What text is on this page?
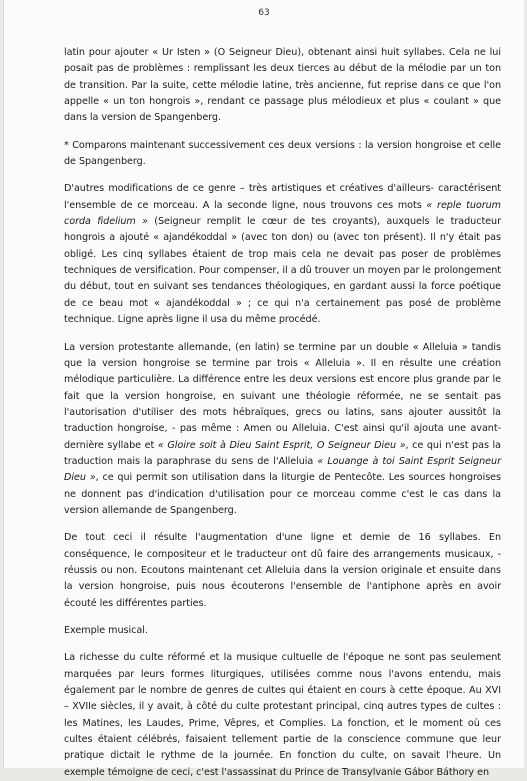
63

latin pour ajouter « Ur Isten » (O Seigneur Dieu), obtenant ainsi huit syllabes. Cela ne lui posait pas de problèmes : remplissant les deux tierces au début de la mélodie par un ton de transition. Par la suite, cette mélodie latine, très ancienne, fut reprise dans ce que l'on appelle « un ton hongrois », rendant ce passage plus mélodieux et plus « coulant » que dans la version de Spangenberg.

* Comparons maintenant successivement ces deux versions : la version hongroise et celle de Spangenberg.

D'autres modifications de ce genre – très artistiques et créatives d'ailleurs- caractérisent l'ensemble de ce morceau. A la seconde ligne, nous trouvons ces mots « reple tuorum corda fidelium » (Seigneur remplit le cœur de tes croyants), auxquels le traducteur hongrois a ajouté « ajandékoddal » (avec ton don) ou (avec ton présent). Il n'y était pas obligé. Les cinq syllabes étaient de trop mais cela ne devait pas poser de problèmes techniques de versification. Pour compenser, il a dû trouver un moyen par le prolongement du début, tout en suivant ses tendances théologiques, en gardant aussi la force poétique de ce beau mot « ajandékoddal » ; ce qui n'a certainement pas posé de problème technique. Ligne après ligne il usa du même procédé.

La version protestante allemande, (en latin) se termine par un double « Alleluia » tandis que la version hongroise se termine par trois « Alleluia ». Il en résulte une création mélodique particulière. La différence entre les deux versions est encore plus grande par le fait que la version hongroise, en suivant une théologie réformée, ne se sentait pas l'autorisation d'utiliser des mots hébraïques, grecs ou latins, sans ajouter aussitôt la traduction hongroise, - pas même : Amen ou Alleluia. C'est ainsi qu'il ajouta une avant-dernière syllabe et « Gloire soit à Dieu Saint Esprit, O Seigneur Dieu », ce qui n'est pas la traduction mais la paraphrase du sens de l'Alleluia « Louange à toi Saint Esprit Seigneur Dieu », ce qui permit son utilisation dans la liturgie de Pentecôte. Les sources hongroises ne donnent pas d'indication d'utilisation pour ce morceau comme c'est le cas dans la version allemande de Spangenberg.

De tout ceci il résulte l'augmentation d'une ligne et demie de 16 syllabes. En conséquence, le compositeur et le traducteur ont dû faire des arrangements musicaux, - réussis ou non. Ecoutons maintenant cet Alleluia dans la version originale et ensuite dans la version hongroise, puis nous écouterons l'ensemble de l'antiphone après en avoir écouté les différentes parties.

Exemple musical.

La richesse du culte réformé et la musique cultuelle de l'époque ne sont pas seulement marquées par leurs formes liturgiques, utilisées comme nous l'avons entendu, mais également par le nombre de genres de cultes qui étaient en cours à cette époque. Au XVI – XVIIe siècles, il y avait, à côté du culte protestant principal, cinq autres types de cultes : les Matines, les Laudes, Prime, Vêpres, et Complies. La fonction, et le moment où ces cultes étaient célébrés, faisaient tellement partie de la conscience commune que leur pratique dictait le rythme de la journée. En fonction du culte, on savait l'heure. Un exemple témoigne de ceci, c'est l'assassinat du Prince de Transylvanie Gábor Báthory en
